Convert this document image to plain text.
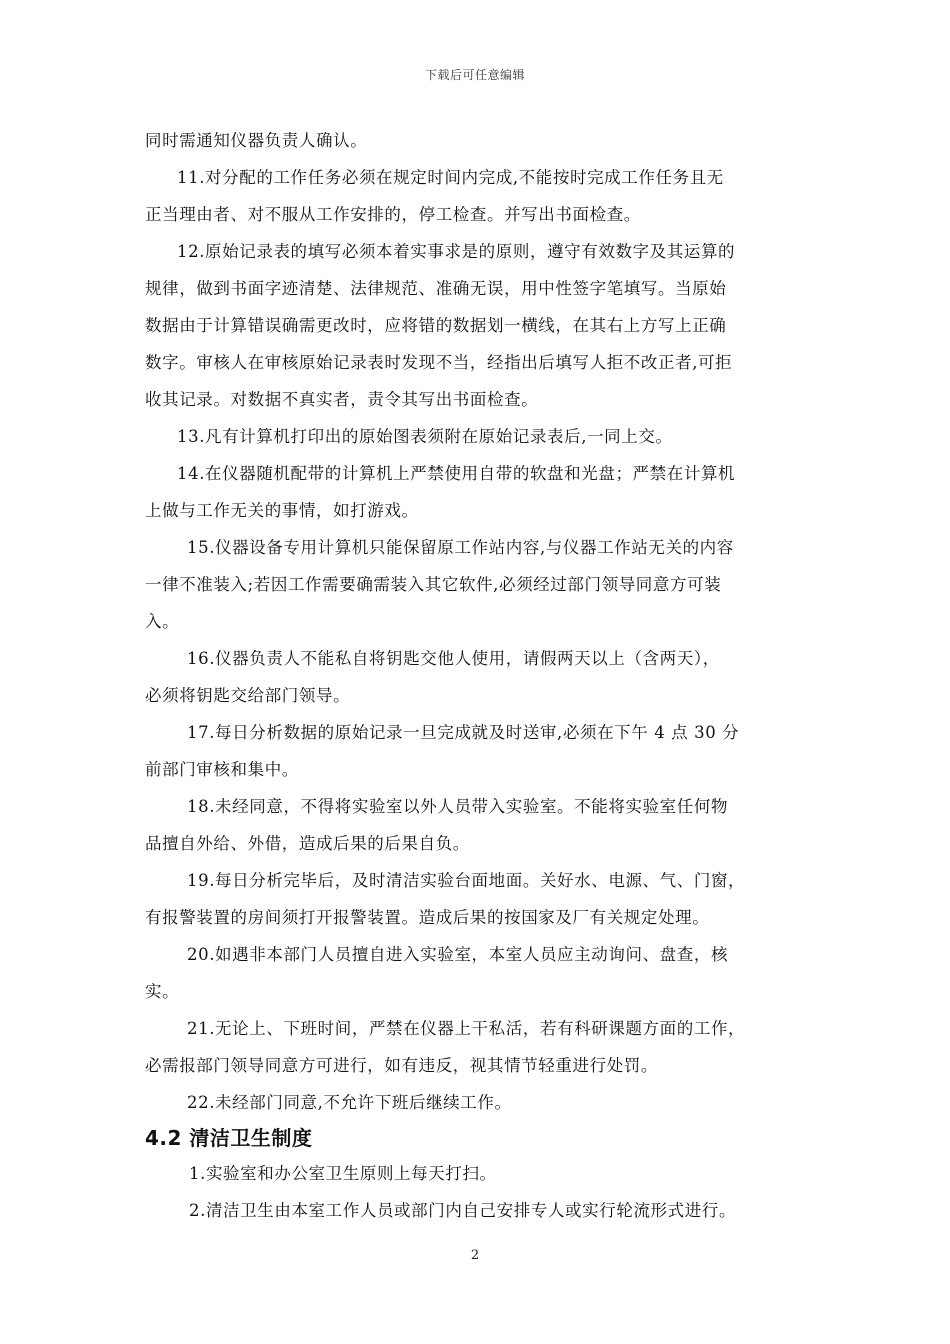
下载后可任意编辑

同时需通知仪器负责人确认。

11.对分配的工作任务必须在规定时间内完成,不能按时完成工作任务且无
正当理由者、对不服从工作安排的，停工检查。并写出书面检查。

12.原始记录表的填写必须本着实事求是的原则，遵守有效数字及其运算的
规律，做到书面字迹清楚、法律规范、准确无误，用中性签字笔填写。当原始
数据由于计算错误确需更改时，应将错的数据划一横线，在其右上方写上正确
数字。审核人在审核原始记录表时发现不当，经指出后填写人拒不改正者,可拒
收其记录。对数据不真实者，责令其写出书面检查。

13.凡有计算机打印出的原始图表须附在原始记录表后,一同上交。

14.在仪器随机配带的计算机上严禁使用自带的软盘和光盘；严禁在计算机
上做与工作无关的事情，如打游戏。

15.仪器设备专用计算机只能保留原工作站内容,与仪器工作站无关的内容
一律不准装入;若因工作需要确需装入其它软件,必须经过部门领导同意方可装
入。

16.仪器负责人不能私自将钥匙交他人使用，请假两天以上（含两天），
必须将钥匙交给部门领导。

17.每日分析数据的原始记录一旦完成就及时送审,必须在下午 4 点 30 分
前部门审核和集中。

18.未经同意，不得将实验室以外人员带入实验室。不能将实验室任何物
品擅自外给、外借，造成后果的后果自负。

19.每日分析完毕后，及时清洁实验台面地面。关好水、电源、气、门窗，
有报警装置的房间须打开报警装置。造成后果的按国家及厂有关规定处理。

20.如遇非本部门人员擅自进入实验室，本室人员应主动询问、盘查，核
实。

21.无论上、下班时间，严禁在仪器上干私活，若有科研课题方面的工作，
必需报部门领导同意方可进行，如有违反，视其情节轻重进行处罚。

22.未经部门同意,不允许下班后继续工作。

4.2 清洁卫生制度

1.实验室和办公室卫生原则上每天打扫。

2.清洁卫生由本室工作人员或部门内自己安排专人或实行轮流形式进行。

2
